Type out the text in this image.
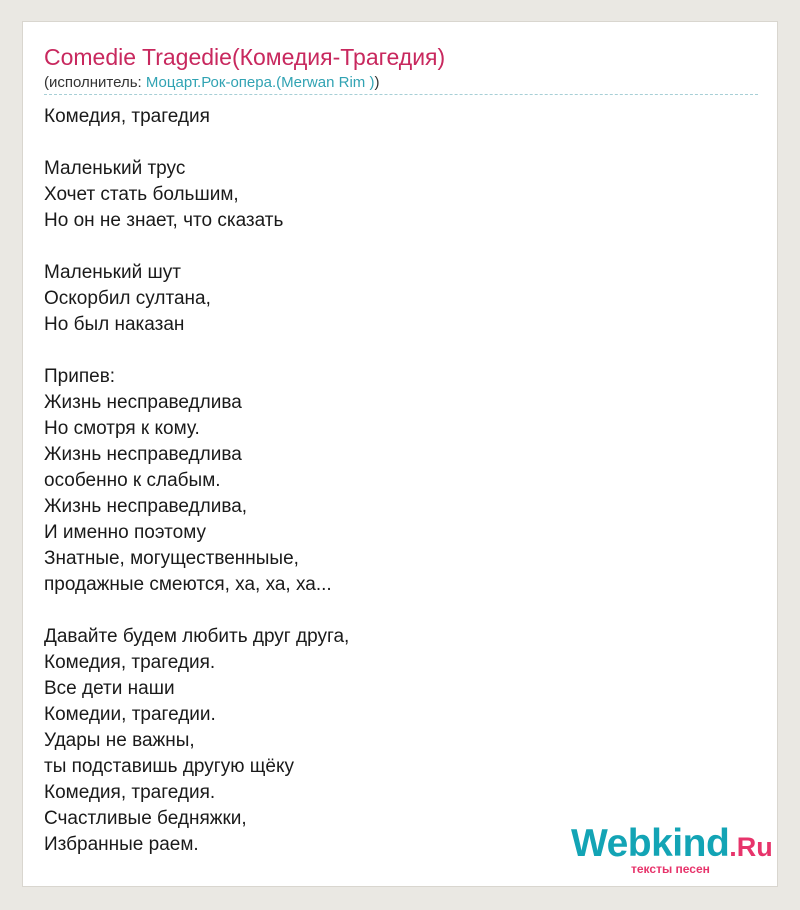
Comedie Tragedie(Комедия-Трагедия)
(исполнитель: Моцарт.Рок-опера.(Merwan Rim ))
Комедия, трагедия

Маленький трус
Хочет стать большим,
Но он не знает, что сказать

Маленький шут
Оскорбил султана,
Но был наказан

Припев:
Жизнь несправедлива
Но смотря к кому.
Жизнь несправедлива
особенно к слабым.
Жизнь несправедлива,
И именно поэтому
Знатные, могущественныые,
продажные смеются, ха, ха, ха...

Давайте будем любить друг друга,
Комедия, трагедия.
Все дети наши
Комедии, трагедии.
Удары не важны,
ты подставишь другую щёку
Комедия, трагедия.
Счастливые бедняжки,
Избранные раем.	Webkind.Ru
тексты песен
